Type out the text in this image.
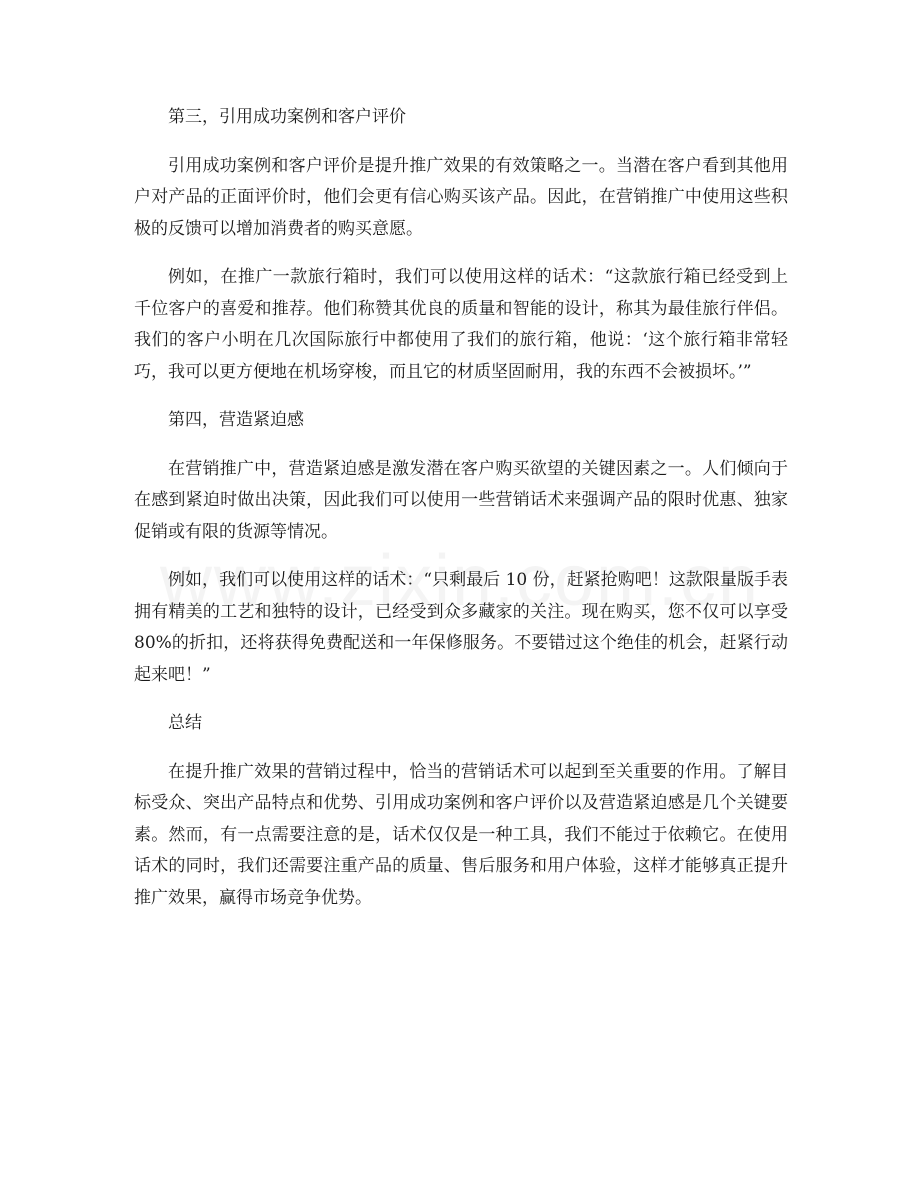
第三，引用成功案例和客户评价

引用成功案例和客户评价是提升推广效果的有效策略之一。当潜在客户看到其他用户对产品的正面评价时，他们会更有信心购买该产品。因此，在营销推广中使用这些积极的反馈可以增加消费者的购买意愿。

例如，在推广一款旅行箱时，我们可以使用这样的话术：“这款旅行箱已经受到上千位客户的喜爱和推荐。他们称赞其优良的质量和智能的设计，称其为最佳旅行伴侣。我们的客户小明在几次国际旅行中都使用了我们的旅行箱，他说：‘这个旅行箱非常轻巧，我可以更方便地在机场穿梭，而且它的材质坚固耐用，我的东西不会被损坏。’”

第四，营造紧迫感

在营销推广中，营造紧迫感是激发潜在客户购买欲望的关键因素之一。人们倾向于在感到紧迫时做出决策，因此我们可以使用一些营销话术来强调产品的限时优惠、独家促销或有限的货源等情况。

例如，我们可以使用这样的话术：“只剩最后 10 份，赶紧抢购吧！这款限量版手表拥有精美的工艺和独特的设计，已经受到众多藏家的关注。现在购买，您不仅可以享受 80%的折扣，还将获得免费配送和一年保修服务。不要错过这个绝佳的机会，赶紧行动起来吧！”

总结

在提升推广效果的营销过程中，恰当的营销话术可以起到至关重要的作用。了解目标受众、突出产品特点和优势、引用成功案例和客户评价以及营造紧迫感是几个关键要素。然而，有一点需要注意的是，话术仅仅是一种工具，我们不能过于依赖它。在使用话术的同时，我们还需要注重产品的质量、售后服务和用户体验，这样才能够真正提升推广效果，赢得市场竞争优势。
